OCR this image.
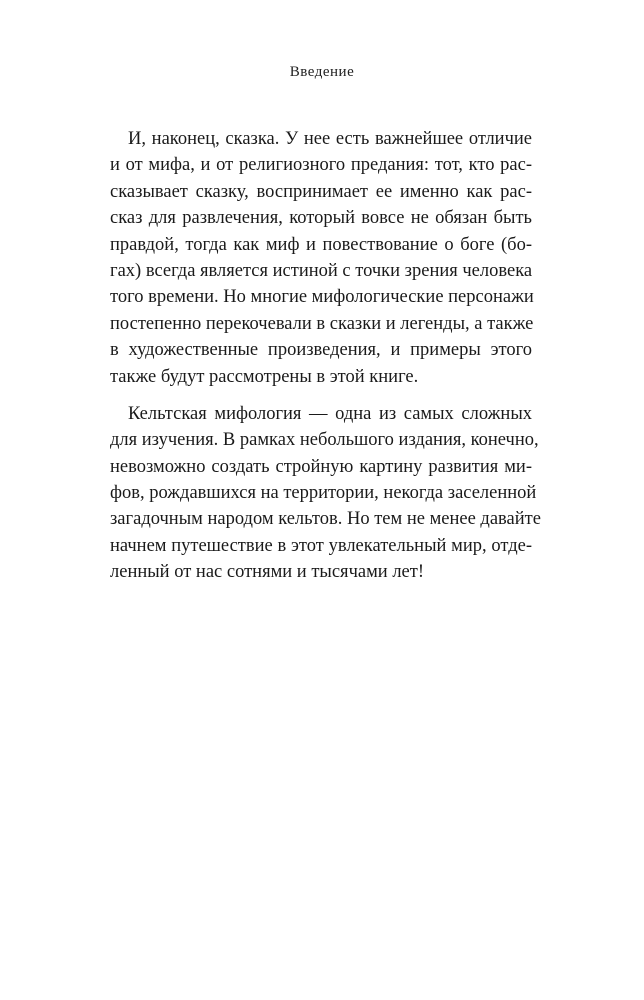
Введение
И, наконец, сказка. У нее есть важнейшее отличие
и от мифа, и от религиозного предания: тот, кто рас-
сказывает сказку, воспринимает ее именно как рас-
сказ для развлечения, который вовсе не обязан быть
правдой, тогда как миф и повествование о боге (бо-
гах) всегда является истиной с точки зрения человека
того времени. Но многие мифологические персонажи
постепенно перекочевали в сказки и легенды, а также
в художественные произведения, и примеры этого
также будут рассмотрены в этой книге.
Кельтская мифология — одна из самых сложных
для изучения. В рамках небольшого издания, конечно,
невозможно создать стройную картину развития ми-
фов, рождавшихся на территории, некогда заселенной
загадочным народом кельтов. Но тем не менее давайте
начнем путешествие в этот увлекательный мир, отде-
ленный от нас сотнями и тысячами лет!
